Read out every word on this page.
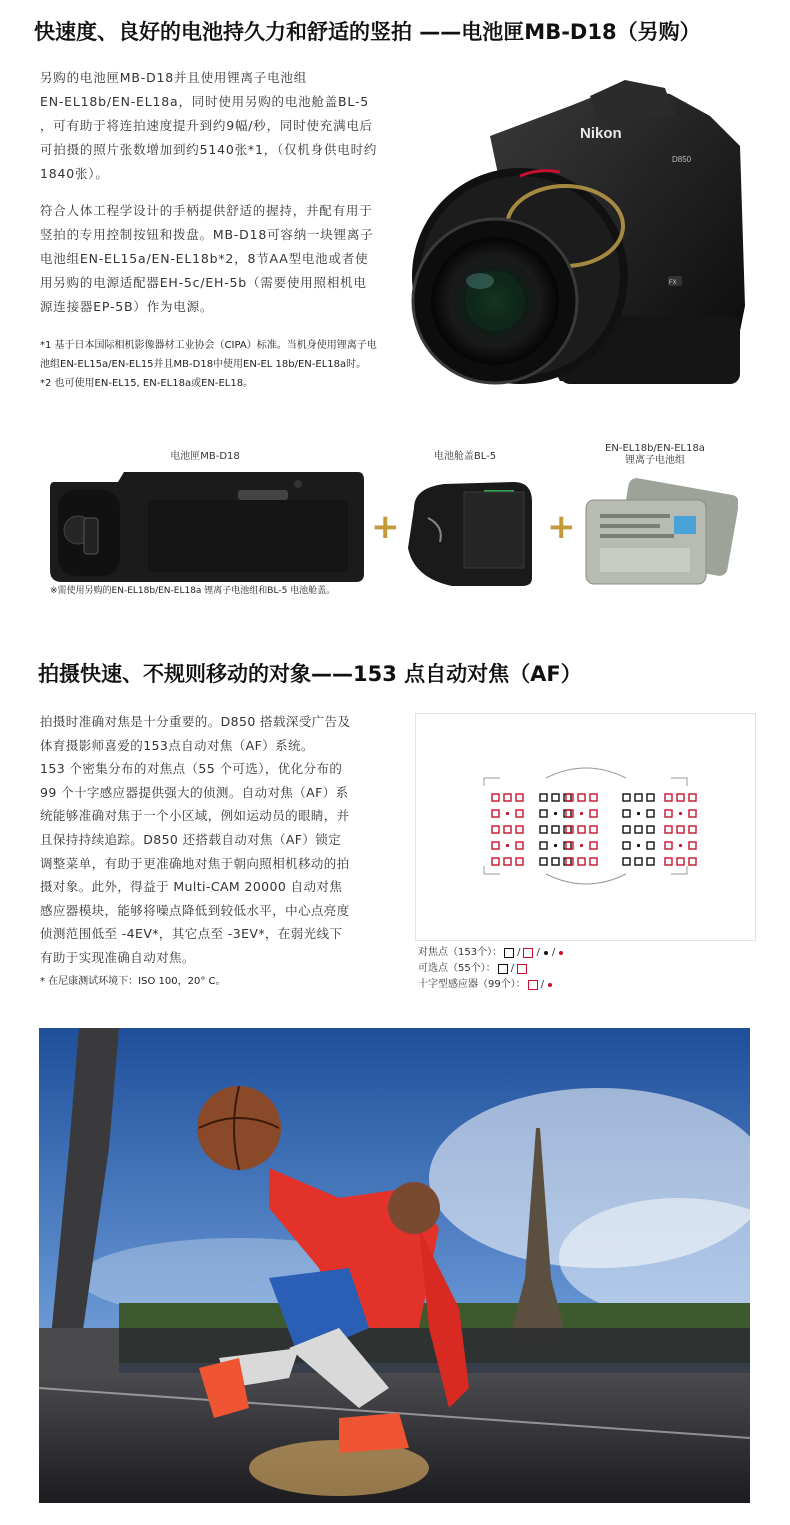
快速度、良好的电池持久力和舒适的竖拍 ——电池匣MB-D18（另购）
另购的电池匣MB-D18并且使用锂离子电池组
EN-EL18b/EN-EL18a，同时使用另购的电池舱盖BL-5
，可有助于将连拍速度提升到约9幅/秒，同时使充满电后
可拍摄的照片张数增加到约5140张*1，（仅机身供电时约
1840张）。
符合人体工程学设计的手柄提供舒适的握持，并配有用于
竖拍的专用控制按钮和拨盘。MB-D18可容纳一块锂离子
电池组EN-EL15a/EN-EL18b*2，8节AA型电池或者使
用另购的电源适配器EH-5c/EH-5b（需要使用照相机电
源连接器EP-5B）作为电源。
*1 基于日本国际相机影像器材工业协会（CIPA）标准。当机身使用锂离子电
池组EN-EL15a/EN-EL15并且MB-D18中使用EN-EL 18b/EN-EL18a时。
*2 也可使用EN-EL15, EN-EL18a或EN-EL18。
Nikon
D850
FX
电池匣MB-D18	电池舱盖BL-5
EN-EL18b/EN-EL18a
锂离子电池组
+	+
※需使用另购的EN-EL18b/EN-EL18a 锂离子电池组和BL-5 电池舱盖。
拍摄快速、不规则移动的对象——153 点自动对焦（AF）
拍摄时准确对焦是十分重要的。D850 搭载深受广告及
体育摄影师喜爱的153点自动对焦（AF）系统。
153 个密集分布的对焦点（55 个可选），优化分布的
99 个十字感应器提供强大的侦测。自动对焦（AF）系
统能够准确对焦于一个小区域，例如运动员的眼睛，并
且保持持续追踪。D850 还搭载自动对焦（AF）锁定
调整菜单，有助于更准确地对焦于朝向照相机移动的拍
摄对象。此外，得益于 Multi-CAM 20000 自动对焦
感应器模块，能够将噪点降低到较低水平，中心点亮度
侦测范围低至 -4EV*，其它点至 -3EV*，在弱光线下
有助于实现准确自动对焦。
* 在尼康测试环境下：ISO 100，20° C。
对焦点（153个）： / / /
可选点（55个）： /
十字型感应器（99个）： /
